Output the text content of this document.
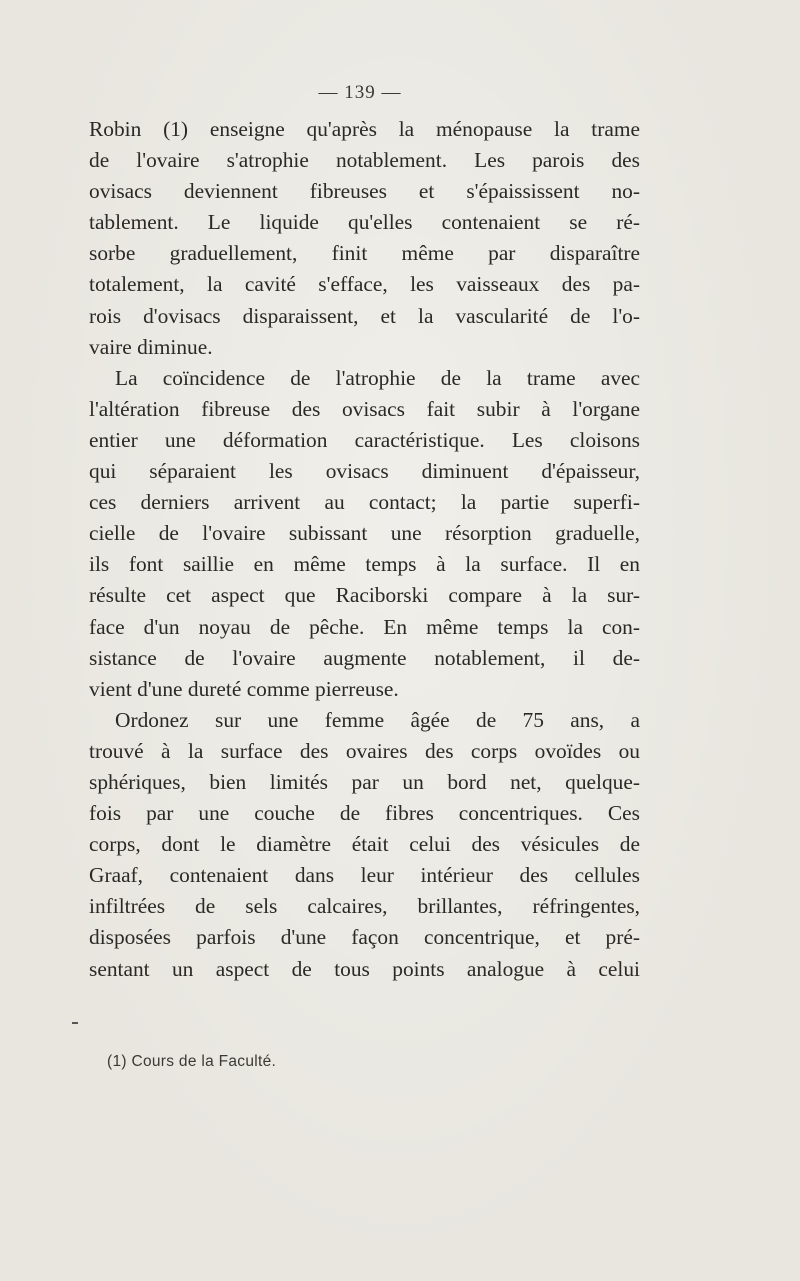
— 139 —
Robin (1) enseigne qu'après la ménopause la trame
de l'ovaire s'atrophie notablement. Les parois des
ovisacs deviennent fibreuses et s'épaississent no-
tablement. Le liquide qu'elles contenaient se ré-
sorbe graduellement, finit même par disparaître
totalement, la cavité s'efface, les vaisseaux des pa-
rois d'ovisacs disparaissent, et la vascularité de l'o-
vaire diminue.
La coïncidence de l'atrophie de la trame avec
l'altération fibreuse des ovisacs fait subir à l'organe
entier une déformation caractéristique. Les cloisons
qui séparaient les ovisacs diminuent d'épaisseur,
ces derniers arrivent au contact; la partie superfi-
cielle de l'ovaire subissant une résorption graduelle,
ils font saillie en même temps à la surface. Il en
résulte cet aspect que Raciborski compare à la sur-
face d'un noyau de pêche. En même temps la con-
sistance de l'ovaire augmente notablement, il de-
vient d'une dureté comme pierreuse.
Ordonez sur une femme âgée de 75 ans, a
trouvé à la surface des ovaires des corps ovoïdes ou
sphériques, bien limités par un bord net, quelque-
fois par une couche de fibres concentriques. Ces
corps, dont le diamètre était celui des vésicules de
Graaf, contenaient dans leur intérieur des cellules
infiltrées de sels calcaires, brillantes, réfringentes,
disposées parfois d'une façon concentrique, et pré-
sentant un aspect de tous points analogue à celui
(1) Cours de la Faculté.
